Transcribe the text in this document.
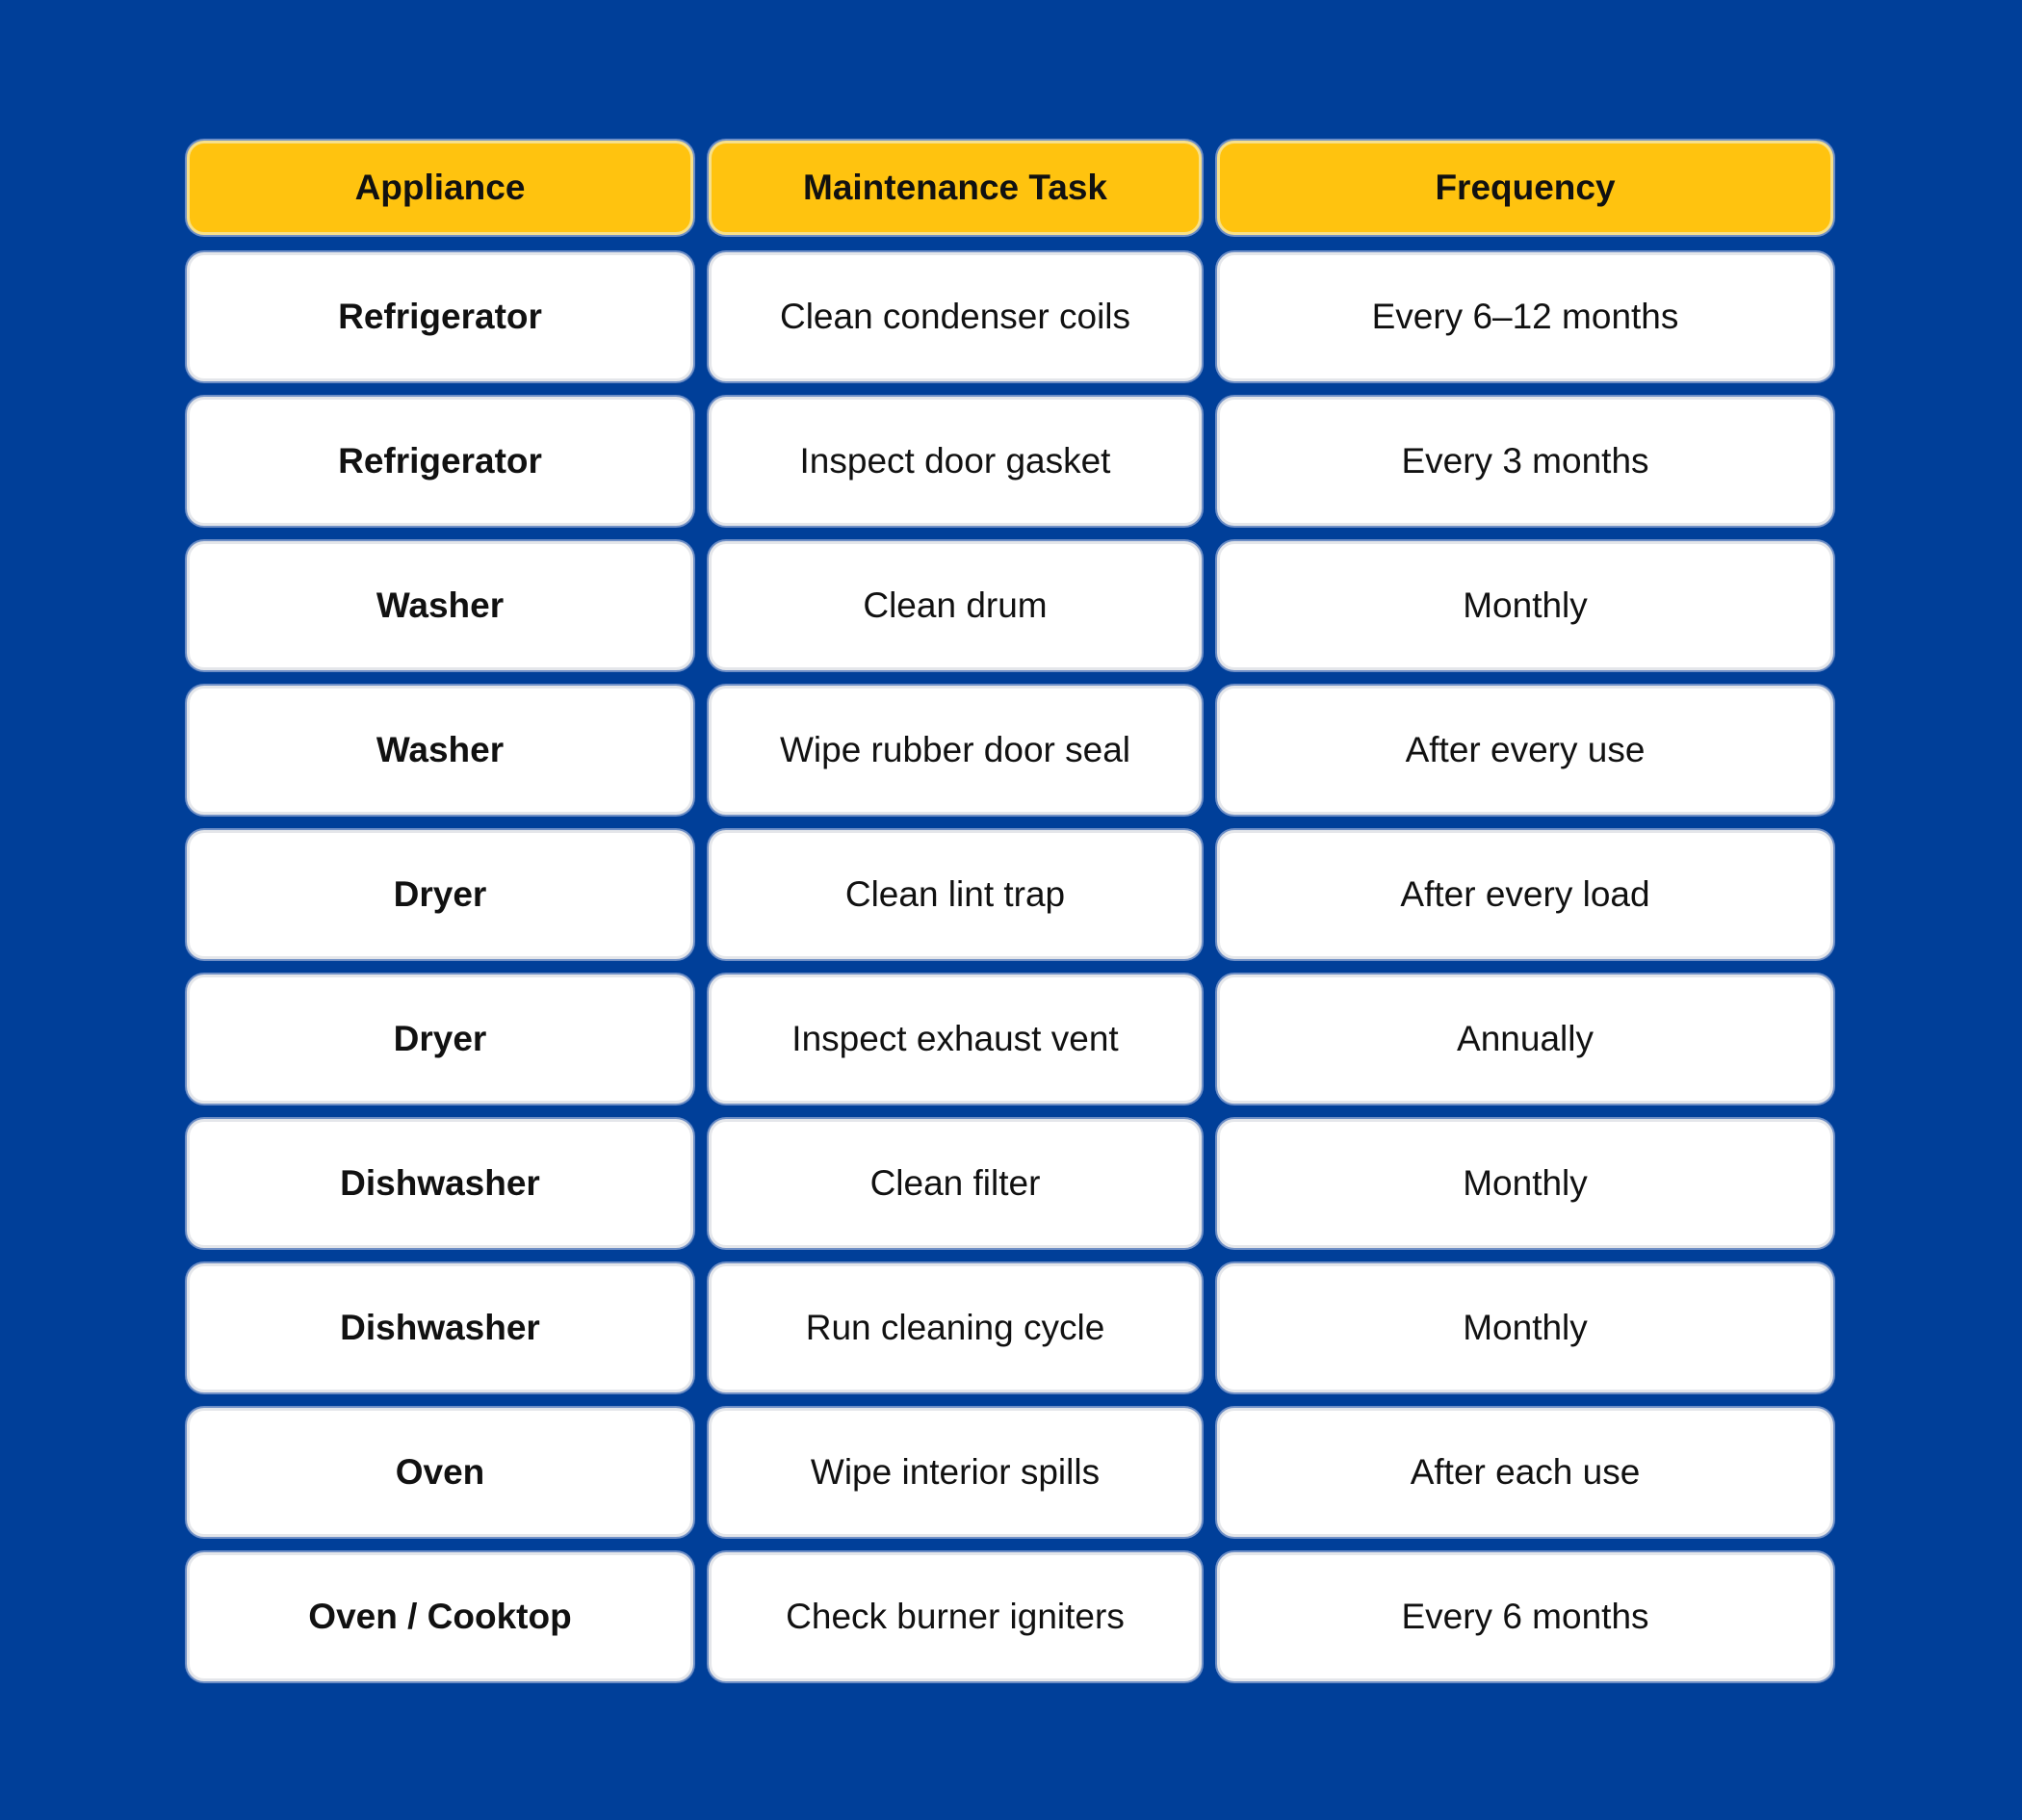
Appliance	Maintenance Task	Frequency
Refrigerator	Clean condenser coils	Every 6–12 months
Refrigerator	Inspect door gasket	Every 3 months
Washer	Clean drum	Monthly
Washer	Wipe rubber door seal	After every use
Dryer	Clean lint trap	After every load
Dryer	Inspect exhaust vent	Annually
Dishwasher	Clean filter	Monthly
Dishwasher	Run cleaning cycle	Monthly
Oven	Wipe interior spills	After each use
Oven / Cooktop	Check burner igniters	Every 6 months
